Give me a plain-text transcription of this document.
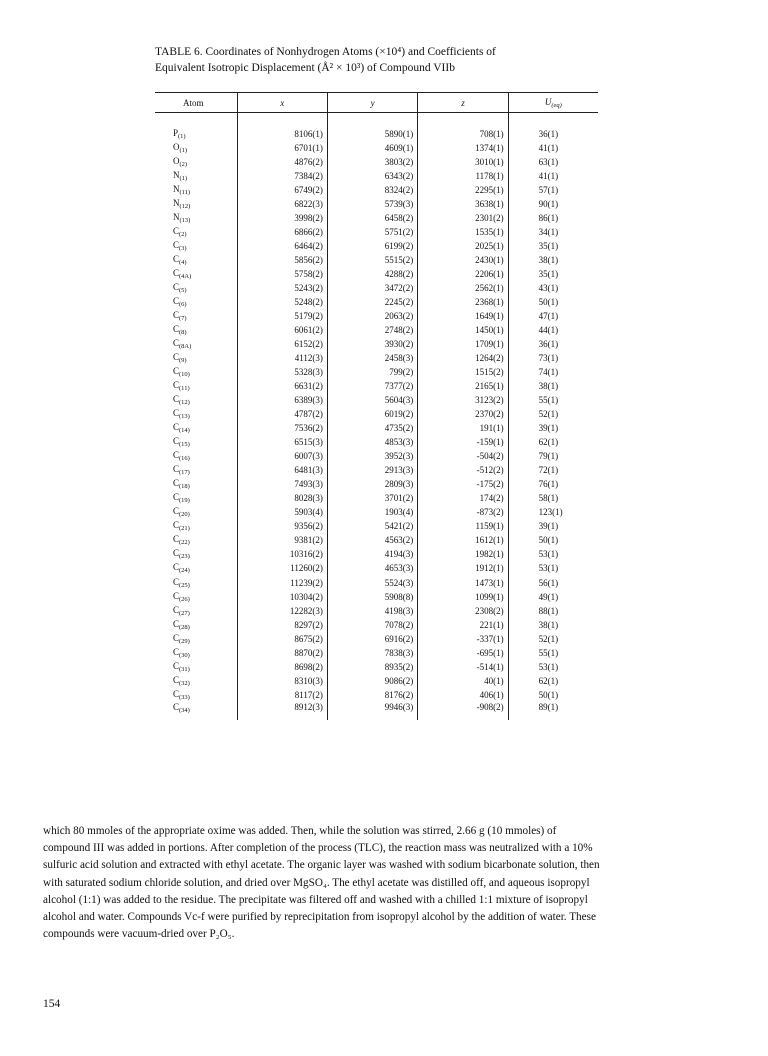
TABLE 6. Coordinates of Nonhydrogen Atoms (×10⁴) and Coefficients of
Equivalent Isotropic Displacement (Å² × 10³) of Compound VIIb
Atom	x	y	z	$U_{(eq)}$

$P_{(1)}$	8106(1)	5890(1)	708(1)	36(1)
$O_{(1)}$	6701(1)	4609(1)	1374(1)	41(1)
$O_{(2)}$	4876(2)	3803(2)	3010(1)	63(1)
$N_{(1)}$	7384(2)	6343(2)	1178(1)	41(1)
$N_{(11)}$	6749(2)	8324(2)	2295(1)	57(1)
$N_{(12)}$	6822(3)	5739(3)	3638(1)	90(1)
$N_{(13)}$	3998(2)	6458(2)	2301(2)	86(1)
$C_{(2)}$	6866(2)	5751(2)	1535(1)	34(1)
$C_{(3)}$	6464(2)	6199(2)	2025(1)	35(1)
$C_{(4)}$	5856(2)	5515(2)	2430(1)	38(1)
$C_{(4A)}$	5758(2)	4288(2)	2206(1)	35(1)
$C_{(5)}$	5243(2)	3472(2)	2562(1)	43(1)
$C_{(6)}$	5248(2)	2245(2)	2368(1)	50(1)
$C_{(7)}$	5179(2)	2063(2)	1649(1)	47(1)
$C_{(8)}$	6061(2)	2748(2)	1450(1)	44(1)
$C_{(8A)}$	6152(2)	3930(2)	1709(1)	36(1)
$C_{(9)}$	4112(3)	2458(3)	1264(2)	73(1)
$C_{(10)}$	5328(3)	799(2)	1515(2)	74(1)
$C_{(11)}$	6631(2)	7377(2)	2165(1)	38(1)
$C_{(12)}$	6389(3)	5604(3)	3123(2)	55(1)
$C_{(13)}$	4787(2)	6019(2)	2370(2)	52(1)
$C_{(14)}$	7536(2)	4735(2)	191(1)	39(1)
$C_{(15)}$	6515(3)	4853(3)	-159(1)	62(1)
$C_{(16)}$	6007(3)	3952(3)	-504(2)	79(1)
$C_{(17)}$	6481(3)	2913(3)	-512(2)	72(1)
$C_{(18)}$	7493(3)	2809(3)	-175(2)	76(1)
$C_{(19)}$	8028(3)	3701(2)	174(2)	58(1)
$C_{(20)}$	5903(4)	1903(4)	-873(2)	123(1)
$C_{(21)}$	9356(2)	5421(2)	1159(1)	39(1)
$C_{(22)}$	9381(2)	4563(2)	1612(1)	50(1)
$C_{(23)}$	10316(2)	4194(3)	1982(1)	53(1)
$C_{(24)}$	11260(2)	4653(3)	1912(1)	53(1)
$C_{(25)}$	11239(2)	5524(3)	1473(1)	56(1)
$C_{(26)}$	10304(2)	5908(8)	1099(1)	49(1)
$C_{(27)}$	12282(3)	4198(3)	2308(2)	88(1)
$C_{(28)}$	8297(2)	7078(2)	221(1)	38(1)
$C_{(29)}$	8675(2)	6916(2)	-337(1)	52(1)
$C_{(30)}$	8870(2)	7838(3)	-695(1)	55(1)
$C_{(31)}$	8698(2)	8935(2)	-514(1)	53(1)
$C_{(32)}$	8310(3)	9086(2)	40(1)	62(1)
$C_{(33)}$	8117(2)	8176(2)	406(1)	50(1)
$C_{(34)}$	8912(3)	9946(3)	-908(2)	89(1)
which 80 mmoles of the appropriate oxime was added. Then, while the solution was stirred, 2.66 g (10 mmoles) of
compound III was added in portions. After completion of the process (TLC), the reaction mass was neutralized with a 10%
sulfuric acid solution and extracted with ethyl acetate. The organic layer was washed with sodium bicarbonate solution, then
with saturated sodium chloride solution, and dried over MgSO₄. The ethyl acetate was distilled off, and aqueous isopropyl
alcohol (1:1) was added to the residue. The precipitate was filtered off and washed with a chilled 1:1 mixture of isopropyl
alcohol and water. Compounds Vc-f were purified by reprecipitation from isopropyl alcohol by the addition of water. These
compounds were vacuum-dried over P₂O₅.
154
